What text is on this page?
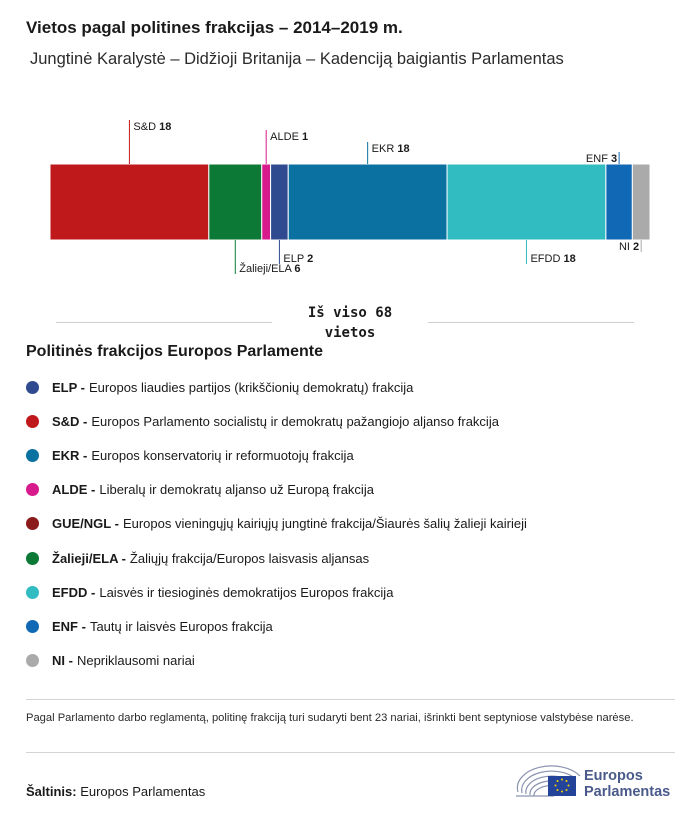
Vietos pagal politines frakcijas – 2014–2019 m.
Jungtinė Karalystė – Didžioji Britanija – Kadenciją baigiantis Parlamentas
S&D 18
Žalieji/ELA 6
ALDE 1
ELP 2
EKR 18
EFDD 18
ENF 3
NI 2
Iš viso 68 vietos
Politinės frakcijos Europos Parlamente
ELP - Europos liaudies partijos (krikščionių demokratų) frakcija
S&D - Europos Parlamento socialistų ir demokratų pažangiojo aljanso frakcija
EKR - Europos konservatorių ir reformuotojų frakcija
ALDE - Liberalų ir demokratų aljanso už Europą frakcija
GUE/NGL - Europos vieningųjų kairiųjų jungtinė frakcija/Šiaurės šalių žalieji kairieji
Žalieji/ELA - Žaliųjų frakcija/Europos laisvasis aljansas
EFDD - Laisvės ir tiesioginės demokratijos Europos frakcija
ENF - Tautų ir laisvės Europos frakcija
NI - Nepriklausomi nariai
Pagal Parlamento darbo reglamentą, politinę frakciją turi sudaryti bent 23 nariai, išrinkti bent septyniose valstybėse narėse.
Šaltinis: Europos Parlamentas
Europos
Parlamentas
